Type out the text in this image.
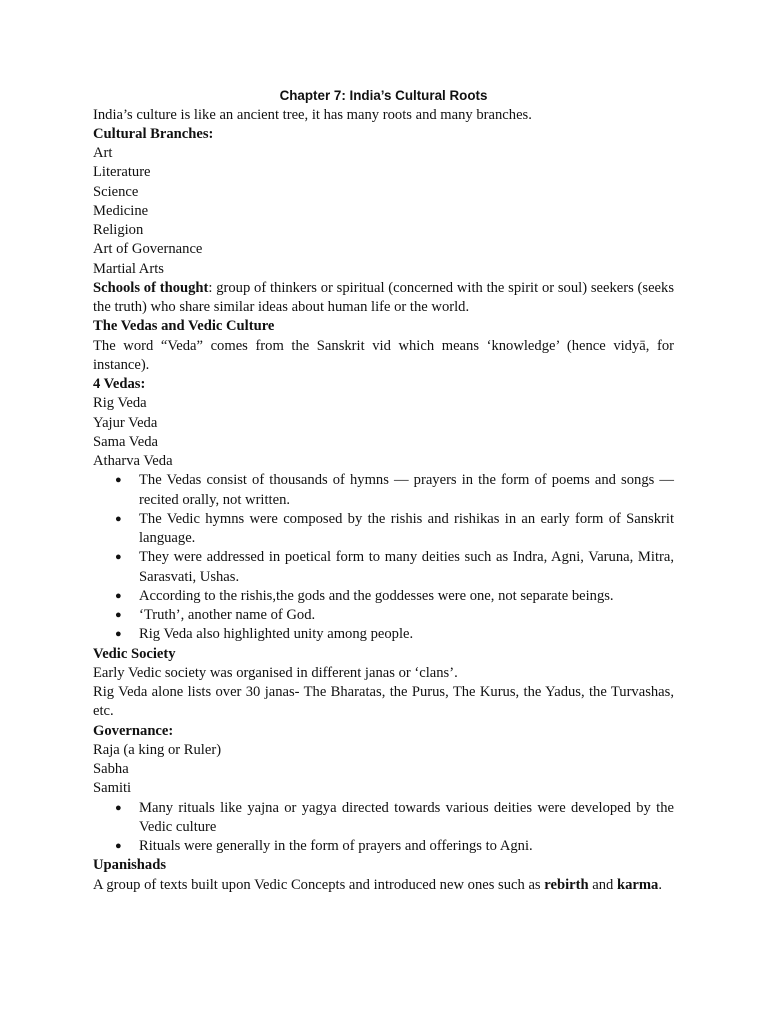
Chapter 7: India’s Cultural Roots

India’s culture is like an ancient tree, it has many roots and many branches.

Cultural Branches:

Art

Literature

Science

Medicine

Religion

Art of Governance

Martial Arts

Schools of thought: group of thinkers or spiritual (concerned with the spirit or soul) seekers (seeks the truth) who share similar ideas about human life or the world.

The Vedas and Vedic Culture

The word “Veda” comes from the Sanskrit vid which means ‘knowledge’ (hence vidyā, for instance).

4 Vedas:

Rig Veda

Yajur Veda

Sama Veda

Atharva Veda

● The Vedas consist of thousands of hymns — prayers in the form of poems and songs — recited orally, not written.
● The Vedic hymns were composed by the rishis and rishikas in an early form of Sanskrit language.
● They were addressed in poetical form to many deities such as Indra, Agni, Varuna, Mitra, Sarasvati, Ushas.
● According to the rishis,the gods and the goddesses were one, not separate beings.
● ‘Truth’, another name of God.
● Rig Veda also highlighted unity among people.

Vedic Society

Early Vedic society was organised in different janas or ‘clans’.

Rig Veda alone lists over 30 janas- The Bharatas, the Purus, The Kurus, the Yadus, the Turvashas, etc.

Governance:

Raja (a king or Ruler)

Sabha

Samiti

● Many rituals like yajna or yagya directed towards various deities were developed by the Vedic culture
● Rituals were generally in the form of prayers and offerings to Agni.

Upanishads

A group of texts built upon Vedic Concepts and introduced new ones such as rebirth and karma.
